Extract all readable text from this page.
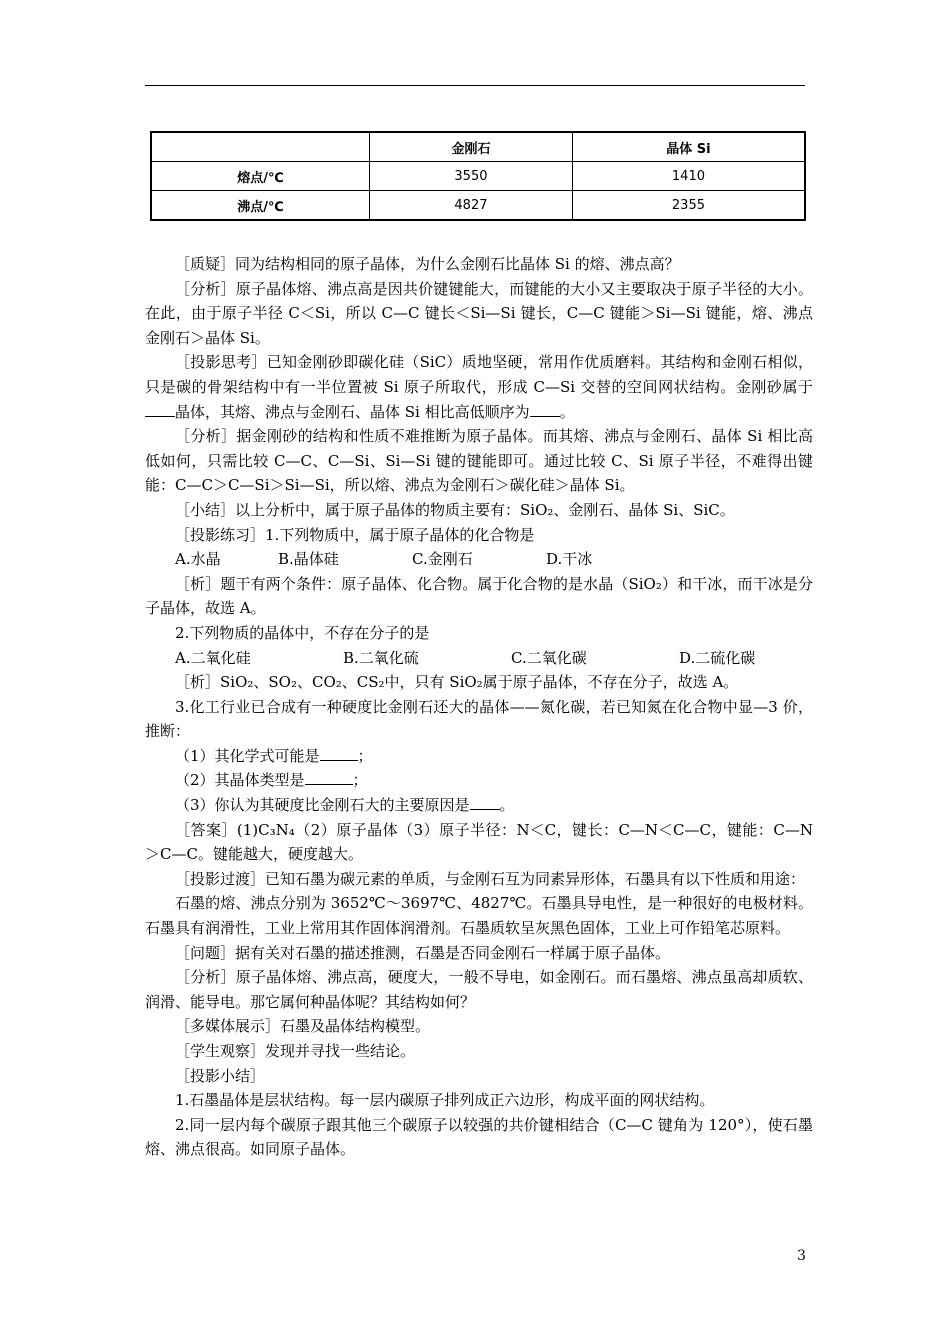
	金刚石	晶体 Si
熔点/℃	3550	1410
沸点/℃	4827	2355

［质疑］同为结构相同的原子晶体，为什么金刚石比晶体 Si 的熔、沸点高？

［分析］原子晶体熔、沸点高是因共价键键能大，而键能的大小又主要取决于原子半径的大小。在此，由于原子半径 C＜Si，所以 C—C 键长＜Si—Si 键长，C—C 键能＞Si—Si 键能，熔、沸点金刚石＞晶体 Si。

［投影思考］已知金刚砂即碳化硅（SiC）质地坚硬，常用作优质磨料。其结构和金刚石相似，只是碳的骨架结构中有一半位置被 Si 原子所取代，形成 C—Si 交替的空间网状结构。金刚砂属于晶体，其熔、沸点与金刚石、晶体 Si 相比高低顺序为 。

［分析］据金刚砂的结构和性质不难推断为原子晶体。而其熔、沸点与金刚石、晶体 Si 相比高低如何，只需比较 C—C、C—Si、Si—Si 键的键能即可。通过比较 C、Si 原子半径，不难得出键能：C—C＞C—Si＞Si—Si，所以熔、沸点为金刚石＞碳化硅＞晶体 Si。

［小结］以上分析中，属于原子晶体的物质主要有：SiO₂、金刚石、晶体 Si、SiC。

［投影练习］1.下列物质中，属于原子晶体的化合物是

A.水晶	B.晶体硅	C.金刚石	D.干冰

［析］题干有两个条件：原子晶体、化合物。属于化合物的是水晶（SiO₂）和干冰，而干冰是分子晶体，故选 A。

2.下列物质的晶体中，不存在分子的是

A.二氧化硅	B.二氧化硫	C.二氧化碳	D.二硫化碳

［析］SiO₂、SO₂、CO₂、CS₂中，只有 SiO₂属于原子晶体，不存在分子，故选 A。

3.化工行业已合成有一种硬度比金刚石还大的晶体——氮化碳，若已知氮在化合物中显—3 价，推断：

（1）其化学式可能是	；

（2）其晶体类型是	；

（3）你认为其硬度比金刚石大的主要原因是 。

［答案］(1)C₃N₄（2）原子晶体（3）原子半径：N＜C，键长：C—N＜C—C，键能：C—N＞C—C。键能越大，硬度越大。

［投影过渡］已知石墨为碳元素的单质，与金刚石互为同素异形体，石墨具有以下性质和用途：

石墨的熔、沸点分别为 3652℃～3697℃、4827℃。石墨具导电性，是一种很好的电极材料。石墨具有润滑性，工业上常用其作固体润滑剂。石墨质软呈灰黑色固体，工业上可作铅笔芯原料。

［问题］据有关对石墨的描述推测，石墨是否同金刚石一样属于原子晶体。

［分析］原子晶体熔、沸点高，硬度大，一般不导电，如金刚石。而石墨熔、沸点虽高却质软、润滑、能导电。那它属何种晶体呢？其结构如何？

［多媒体展示］石墨及晶体结构模型。

［学生观察］发现并寻找一些结论。

［投影小结］

1.石墨晶体是层状结构。每一层内碳原子排列成正六边形，构成平面的网状结构。

2.同一层内每个碳原子跟其他三个碳原子以较强的共价键相结合（C—C 键角为 120°），使石墨熔、沸点很高。如同原子晶体。

3
